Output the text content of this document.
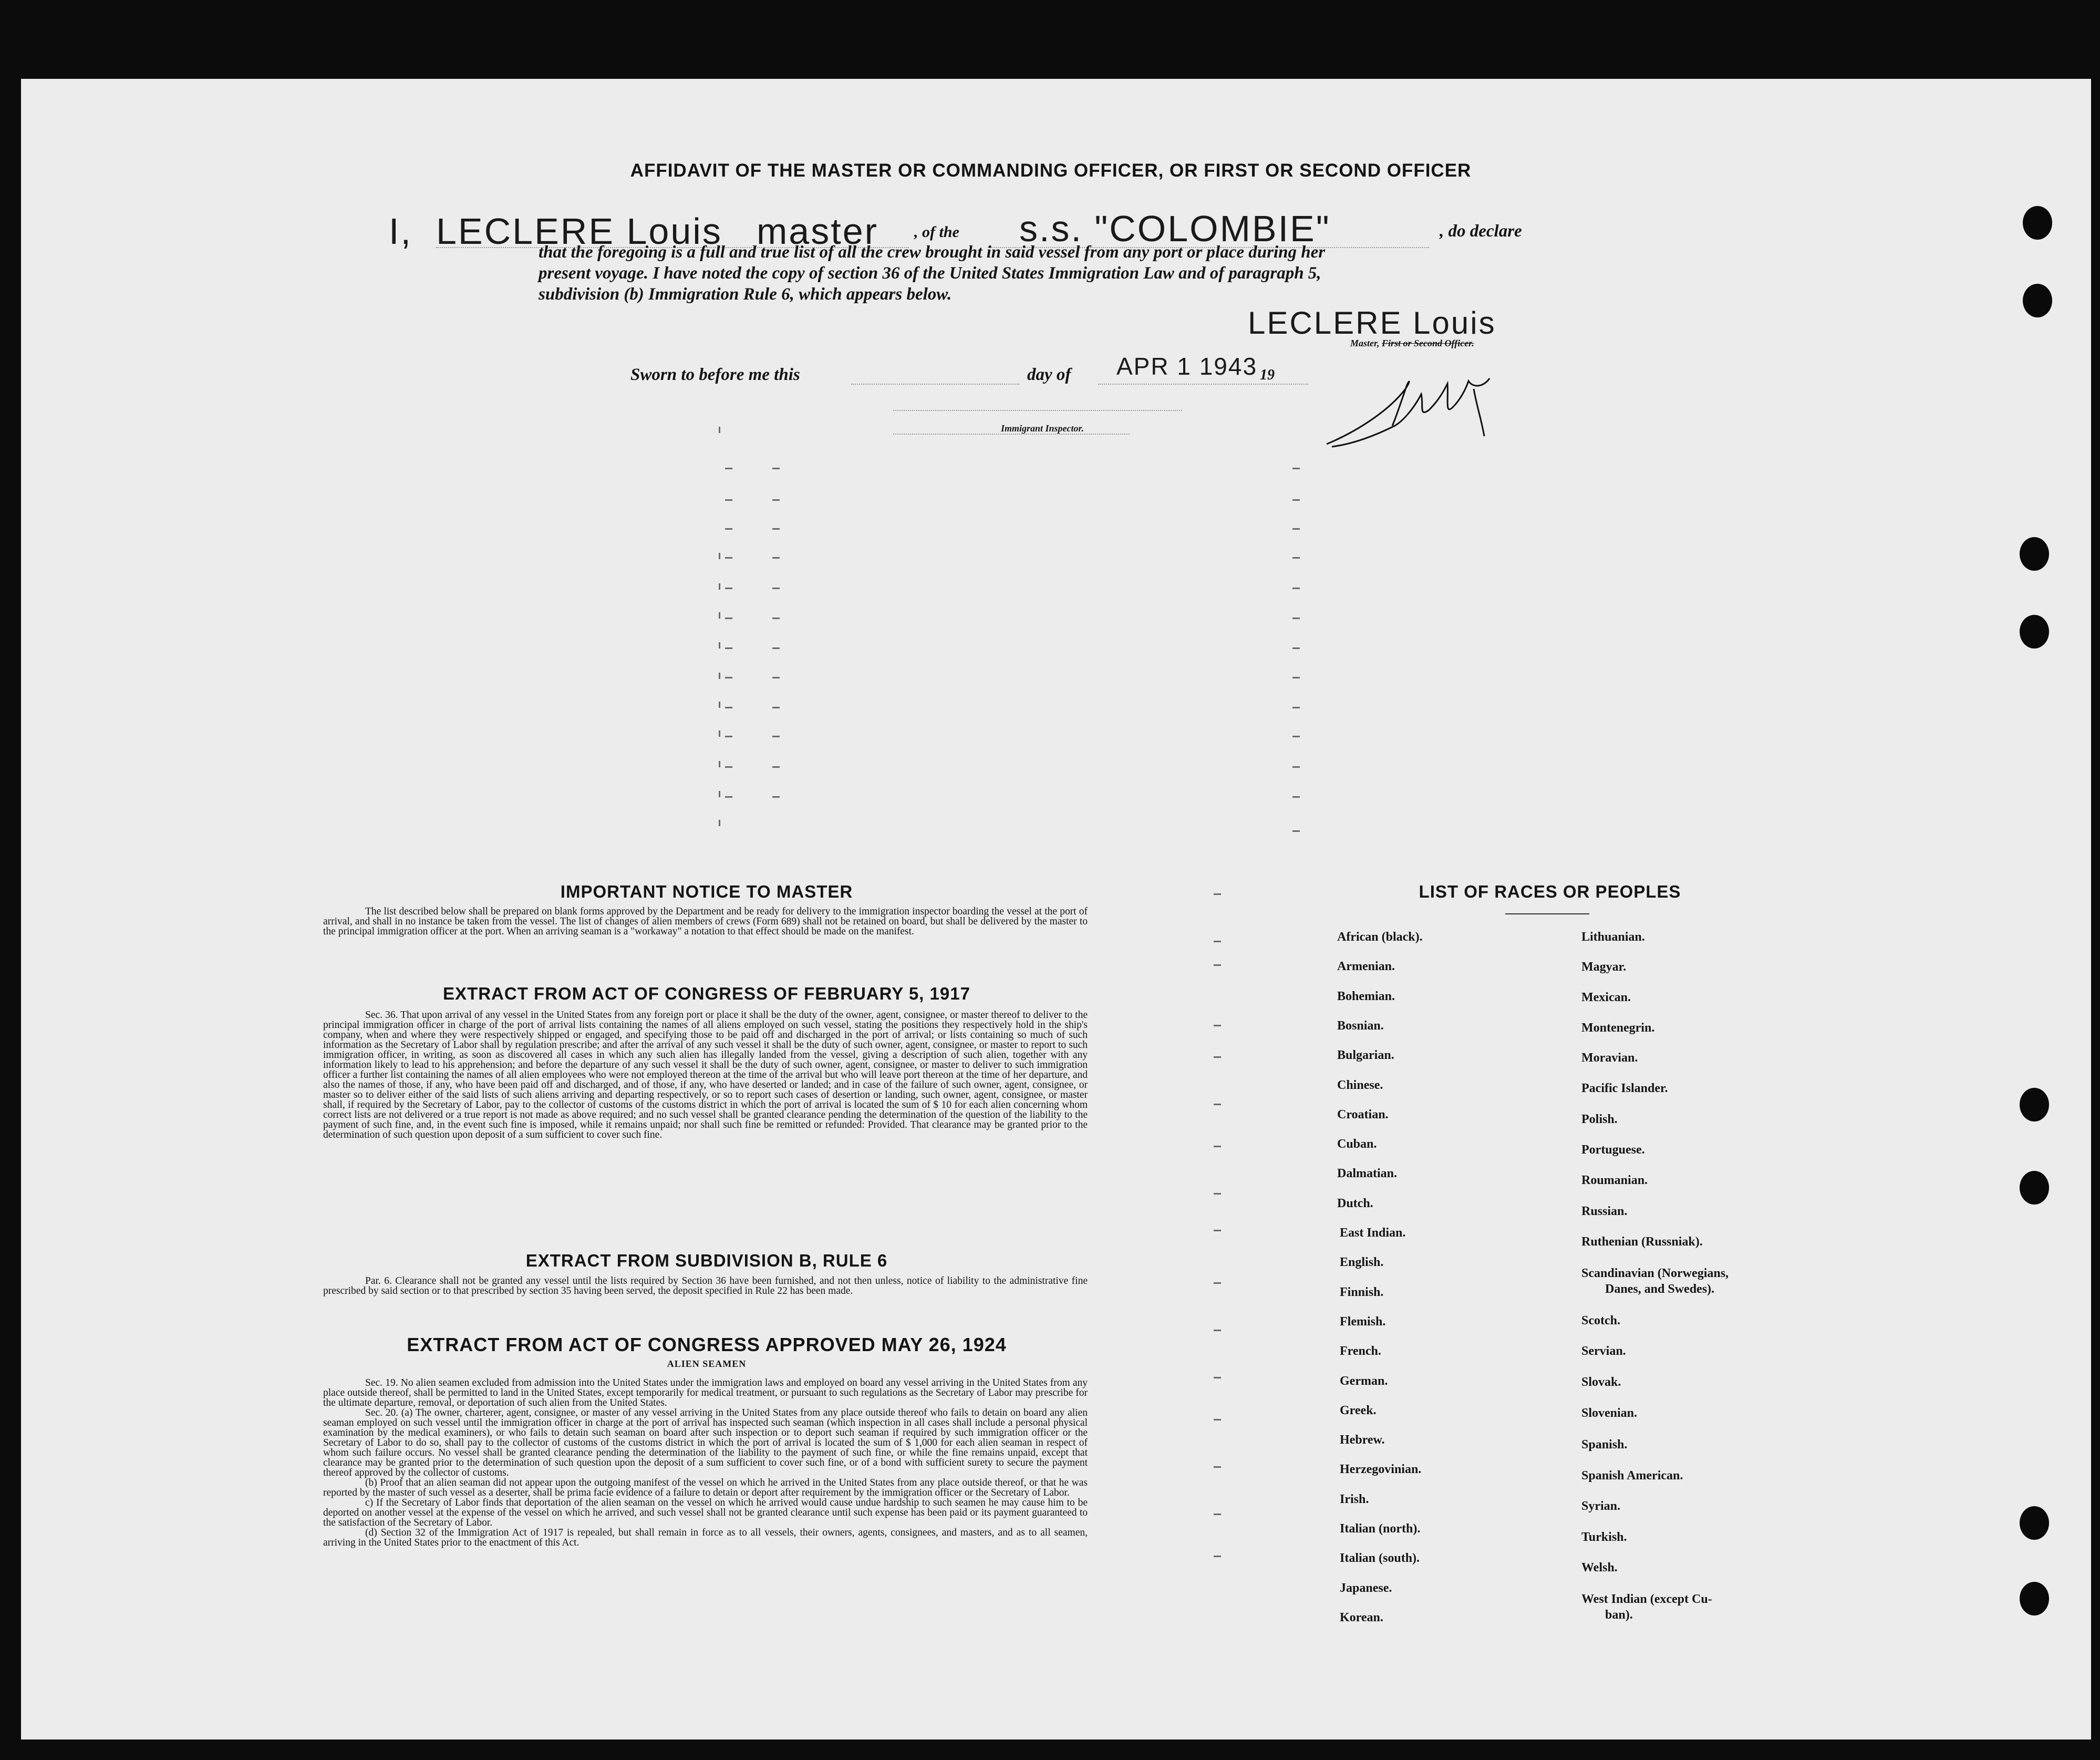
AFFIDAVIT OF THE MASTER OR COMMANDING OFFICER, OR FIRST OR SECOND OFFICER
I, LECLERE Louis master , of the s.s. "COLOMBIE"	, do declare
that the foregoing is a full and true list of all the crew brought in said vessel from any port or place during her
present voyage. I have noted the copy of section 36 of the United States Immigration Law and of paragraph 5,
subdivision (b) Immigration Rule 6, which appears below.
LECLERE Louis
Master, First or Second Officer.
Sworn to before me this	day of APR 1 1943 19
Immigrant Inspector.
IMPORTANT NOTICE TO MASTER

The list described below shall be prepared on blank forms approved by the Department and be ready for delivery to the immigration inspector boarding the vessel at the port of arrival, and shall in no instance be taken from the vessel. The list of changes of alien members of crews (Form 689) shall not be retained on board, but shall be delivered by the master to the principal immigration officer at the port. When an arriving seaman is a "workaway" a notation to that effect should be made on the manifest.

EXTRACT FROM ACT OF CONGRESS OF FEBRUARY 5, 1917

Sec. 36. That upon arrival of any vessel in the United States from any foreign port or place it shall be the duty of the owner, agent, consignee, or master thereof to deliver to the principal immigration officer in charge of the port of arrival lists containing the names of all aliens employed on such vessel, stating the positions they respectively hold in the ship's company, when and where they were respectively shipped or engaged, and specifying those to be paid off and discharged in the port of arrival; or lists containing so much of such information as the Secretary of Labor shall by regulation prescribe; and after the arrival of any such vessel it shall be the duty of such owner, agent, consignee, or master to report to such immigration officer, in writing, as soon as discovered all cases in which any such alien has illegally landed from the vessel, giving a description of such alien, together with any information likely to lead to his apprehension; and before the departure of any such vessel it shall be the duty of such owner, agent, consignee, or master to deliver to such immigration officer a further list containing the names of all alien employees who were not employed thereon at the time of the arrival but who will leave port thereon at the time of her departure, and also the names of those, if any, who have been paid off and discharged, and of those, if any, who have deserted or landed; and in case of the failure of such owner, agent, consignee, or master so to deliver either of the said lists of such aliens arriving and departing respectively, or so to report such cases of desertion or landing, such owner, agent, consignee, or master shall, if required by the Secretary of Labor, pay to the collector of customs of the customs district in which the port of arrival is located the sum of $ 10 for each alien concerning whom correct lists are not delivered or a true report is not made as above required; and no such vessel shall be granted clearance pending the determination of the question of the liability to the payment of such fine, and, in the event such fine is imposed, while it remains unpaid; nor shall such fine be remitted or refunded: Provided. That clearance may be granted prior to the determination of such question upon deposit of a sum sufficient to cover such fine.

EXTRACT FROM SUBDIVISION B, RULE 6

Par. 6. Clearance shall not be granted any vessel until the lists required by Section 36 have been furnished, and not then unless, notice of liability to the administrative fine prescribed by said section or to that prescribed by section 35 having been served, the deposit specified in Rule 22 has been made.

EXTRACT FROM ACT OF CONGRESS APPROVED MAY 26, 1924
ALIEN SEAMEN

Sec. 19. No alien seamen excluded from admission into the United States under the immigration laws and employed on board any vessel arriving in the United States from any place outside thereof, shall be permitted to land in the United States, except temporarily for medical treatment, or pursuant to such regulations as the Secretary of Labor may prescribe for the ultimate departure, removal, or deportation of such alien from the United States.

Sec. 20. (a) The owner, charterer, agent, consignee, or master of any vessel arriving in the United States from any place outside thereof who fails to detain on board any alien seaman employed on such vessel until the immigration officer in charge at the port of arrival has inspected such seaman (which inspection in all cases shall include a personal physical examination by the medical examiners), or who fails to detain such seaman on board after such inspection or to deport such seaman if required by such immigration officer or the Secretary of Labor to do so, shall pay to the collector of customs of the customs district in which the port of arrival is located the sum of $ 1,000 for each alien seaman in respect of whom such failure occurs. No vessel shall be granted clearance pending the determination of the liability to the payment of such fine, or while the fine remains unpaid, except that clearance may be granted prior to the determination of such question upon the deposit of a sum sufficient to cover such fine, or of a bond with sufficient surety to secure the payment thereof approved by the collector of customs.

(b) Proof that an alien seaman did not appear upon the outgoing manifest of the vessel on which he arrived in the United States from any place outside thereof, or that he was reported by the master of such vessel as a deserter, shall be prima facie evidence of a failure to detain or deport after requirement by the immigration officer or the Secretary of Labor.

c) If the Secretary of Labor finds that deportation of the alien seaman on the vessel on which he arrived would cause undue hardship to such seamen he may cause him to be deported on another vessel at the expense of the vessel on which he arrived, and such vessel shall not be granted clearance until such expense has been paid or its payment guaranteed to the satisfaction of the Secretary of Labor.

(d) Section 32 of the Immigration Act of 1917 is repealed, but shall remain in force as to all vessels, their owners, agents, consignees, and masters, and as to all seamen, arriving in the United States prior to the enactment of this Act.

LIST OF RACES OR PEOPLES
African (black).
Armenian.
Bohemian.
Bosnian.
Bulgarian.
Chinese.
Croatian.
Cuban.
Dalmatian.
Dutch.
East Indian.
English.
Finnish.
Flemish.
French.
German.
Greek.
Hebrew.
Herzegovinian.
Irish.
Italian (north).
Italian (south).
Japanese.
Korean.
Lithuanian.
Magyar.
Mexican.
Montenegrin.
Moravian.
Pacific Islander.
Polish.
Portuguese.
Roumanian.
Russian.
Ruthenian (Russniak).
Scandinavian (Norwegians,
Danes, and Swedes).
Scotch.
Servian.
Slovak.
Slovenian.
Spanish.
Spanish American.
Syrian.
Turkish.
Welsh.
West Indian (except Cu-
ban).
